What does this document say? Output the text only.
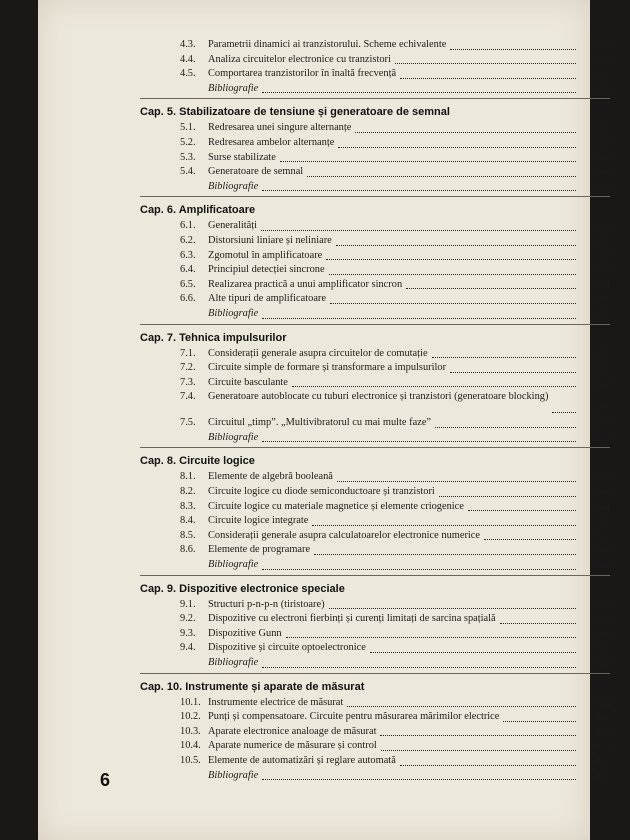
4.3. Parametrii dinamici ai tranzistorului. Scheme echivalente	125
4.4. Analiza circuitelor electronice cu tranzistori	139
4.5. Comportarea tranzistorilor în înaltă frecvență	151
Bibliografie	158
Cap. 5. Stabilizatoare de tensiune și generatoare de semnal
5.1. Redresarea unei singure alternanțe	160
5.2. Redresarea ambelor alternanțe	163
5.3. Surse stabilizate	165
5.4. Generatoare de semnal	169
Bibliografie	183
Cap. 6. Amplificatoare
6.1. Generalități	184
6.2. Distorsiuni liniare și neliniare	185
6.3. Zgomotul în amplificatoare	187
6.4. Principiul detecției sincrone	190
6.5. Realizarea practică a unui amplificator sincron	194
6.6. Alte tipuri de amplificatoare	197
Bibliografie	225
Cap. 7. Tehnica impulsurilor
7.1. Considerații generale asupra circuitelor de comutație	227
7.2. Circuite simple de formare și transformare a impulsurilor	235
7.3. Circuite basculante	252
7.4. Generatoare autoblocate cu tuburi electronice și tranzistori (generatoare blocking)
271
7.5. Circuitul „timp”. „Multivibratorul cu mai multe faze”	276
Bibliografie	278
Cap. 8. Circuite logice
8.1. Elemente de algebră booleană	280
8.2. Circuite logice cu diode semiconductoare și tranzistori	286
8.3. Circuite logice cu materiale magnetice și elemente criogenice	304
8.4. Circuite logice integrate	311
8.5. Considerații generale asupra calculatoarelor electronice numerice	323
8.6. Elemente de programare	347
Bibliografie	349
Cap. 9. Dispozitive electronice speciale
9.1. Structuri p-n-p-n (tiristoare)	350
9.2. Dispozitive cu electroni fierbinți și curenți limitați de sarcina spațială	355
9.3. Dispozitive Gunn	360
9.4. Dispozitive și circuite optoelectronice	370
Bibliografie	382
Cap. 10. Instrumente și aparate de măsurat
10.1. Instrumente electrice de măsurat	384
10.2. Punți și compensatoare. Circuite pentru măsurarea mărimilor electrice	401
10.3. Aparate electronice analoage de măsurat	412
10.4. Aparate numerice de măsurare și control	429
10.5. Elemente de automatizări și reglare automată	442
Bibliografie	453
6
